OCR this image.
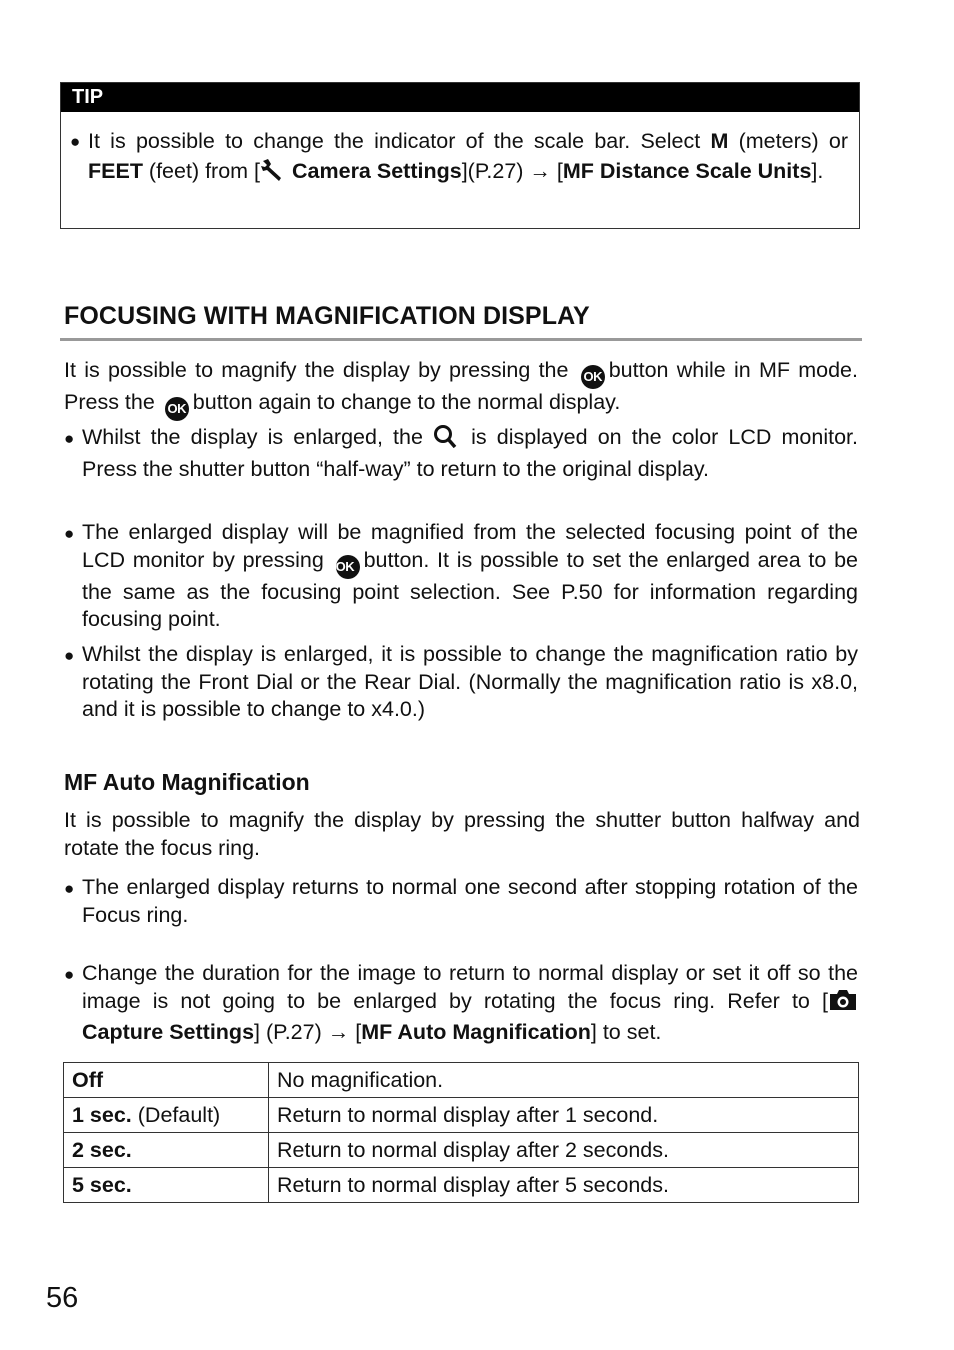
TIP
● It is possible to change the indicator of the scale bar. Select M (meters) or FEET (feet) from [ Camera Settings](P.27) → [MF Distance Scale Units].
FOCUSING WITH MAGNIFICATION DISPLAY
It is possible to magnify the display by pressing the OK button while in MF mode. Press the OK button again to change to the normal display.
● Whilst the display is enlarged, the  is displayed on the color LCD monitor. Press the shutter button “half-way” to return to the original display.
● The enlarged display will be magnified from the selected focusing point of the LCD monitor by pressing OK button. It is possible to set the enlarged area to be the same as the focusing point selection. See P.50 for information regarding focusing point.
● Whilst the display is enlarged, it is possible to change the magnification ratio by rotating the Front Dial or the Rear Dial. (Normally the magnification ratio is x8.0, and it is possible to change to x4.0.)
MF Auto Magnification
It is possible to magnify the display by pressing the shutter button halfway and rotate the focus ring.
● The enlarged display returns to normal one second after stopping rotation of the Focus ring.
● Change the duration for the image to return to normal display or set it off so the image is not going to be enlarged by rotating the focus ring. Refer to [ Capture Settings] (P.27) → [MF Auto Magnification] to set.
Off	No magnification.
1 sec. (Default)	Return to normal display after 1 second.
2 sec.	Return to normal display after 2 seconds.
5 sec.	Return to normal display after 5 seconds.
56
